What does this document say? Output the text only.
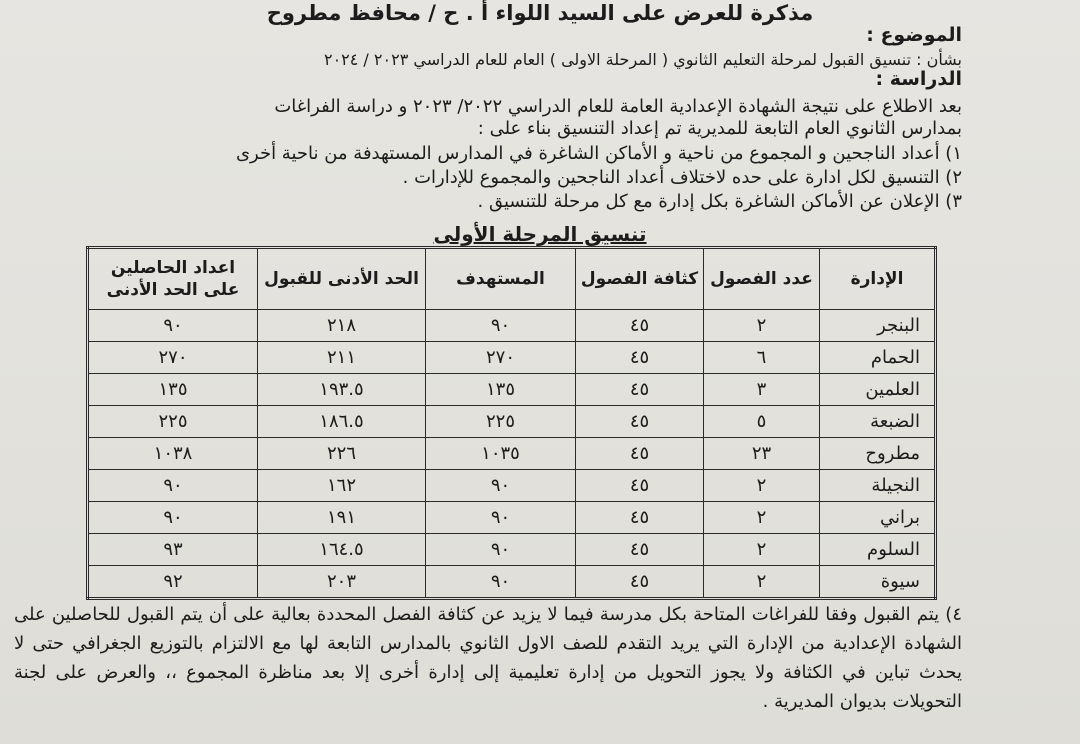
مذكرة للعرض على السيد اللواء أ . ح / محافظ مطروح
الموضوع :
بشأن : تنسيق القبول لمرحلة التعليم الثانوي ( المرحلة الاولى ) العام للعام الدراسي ٢٠٢٣ / ٢٠٢٤
الدراسة :
بعد الاطلاع على نتيجة الشهادة الإعدادية العامة للعام الدراسي ٢٠٢٢/ ٢٠٢٣ و دراسة الفراغات
بمدارس الثانوي العام التابعة للمديرية تم إعداد التنسيق بناء على :
١) أعداد الناجحين و المجموع من ناحية و الأماكن الشاغرة في المدارس المستهدفة من ناحية أخرى
٢) التنسيق لكل ادارة على حده لاختلاف أعداد الناجحين والمجموع للإدارات .
٣) الإعلان عن الأماكن الشاغرة بكل إدارة مع كل مرحلة للتنسيق .
تنسيق المرحلة الأولى
الإدارة	عدد الفصول	كثافة الفصول	المستهدف	الحد الأدنى للقبول	اعداد الحاصلين على الحد الأدنى
البنجر	٢	٤٥	٩٠	٢١٨	٩٠
الحمام	٦	٤٥	٢٧٠	٢١١	٢٧٠
العلمين	٣	٤٥	١٣٥	١٩٣.٥	١٣٥
الضبعة	٥	٤٥	٢٢٥	١٨٦.٥	٢٢٥
مطروح	٢٣	٤٥	١٠٣٥	٢٢٦	١٠٣٨
النجيلة	٢	٤٥	٩٠	١٦٢	٩٠
براني	٢	٤٥	٩٠	١٩١	٩٠
السلوم	٢	٤٥	٩٠	١٦٤.٥	٩٣
سيوة	٢	٤٥	٩٠	٢٠٣	٩٢
٤) يتم القبول وفقا للفراغات المتاحة بكل مدرسة فيما لا يزيد عن كثافة الفصل المحددة بعالية على أن يتم القبول للحاصلين على الشهادة الإعدادية من الإدارة التي يريد التقدم للصف الاول الثانوي بالمدارس التابعة لها مع الالتزام بالتوزيع الجغرافي حتى لا يحدث تباين في الكثافة ولا يجوز التحويل من إدارة تعليمية إلى إدارة أخرى إلا بعد مناظرة المجموع ،، والعرض على لجنة التحويلات بديوان المديرية .
